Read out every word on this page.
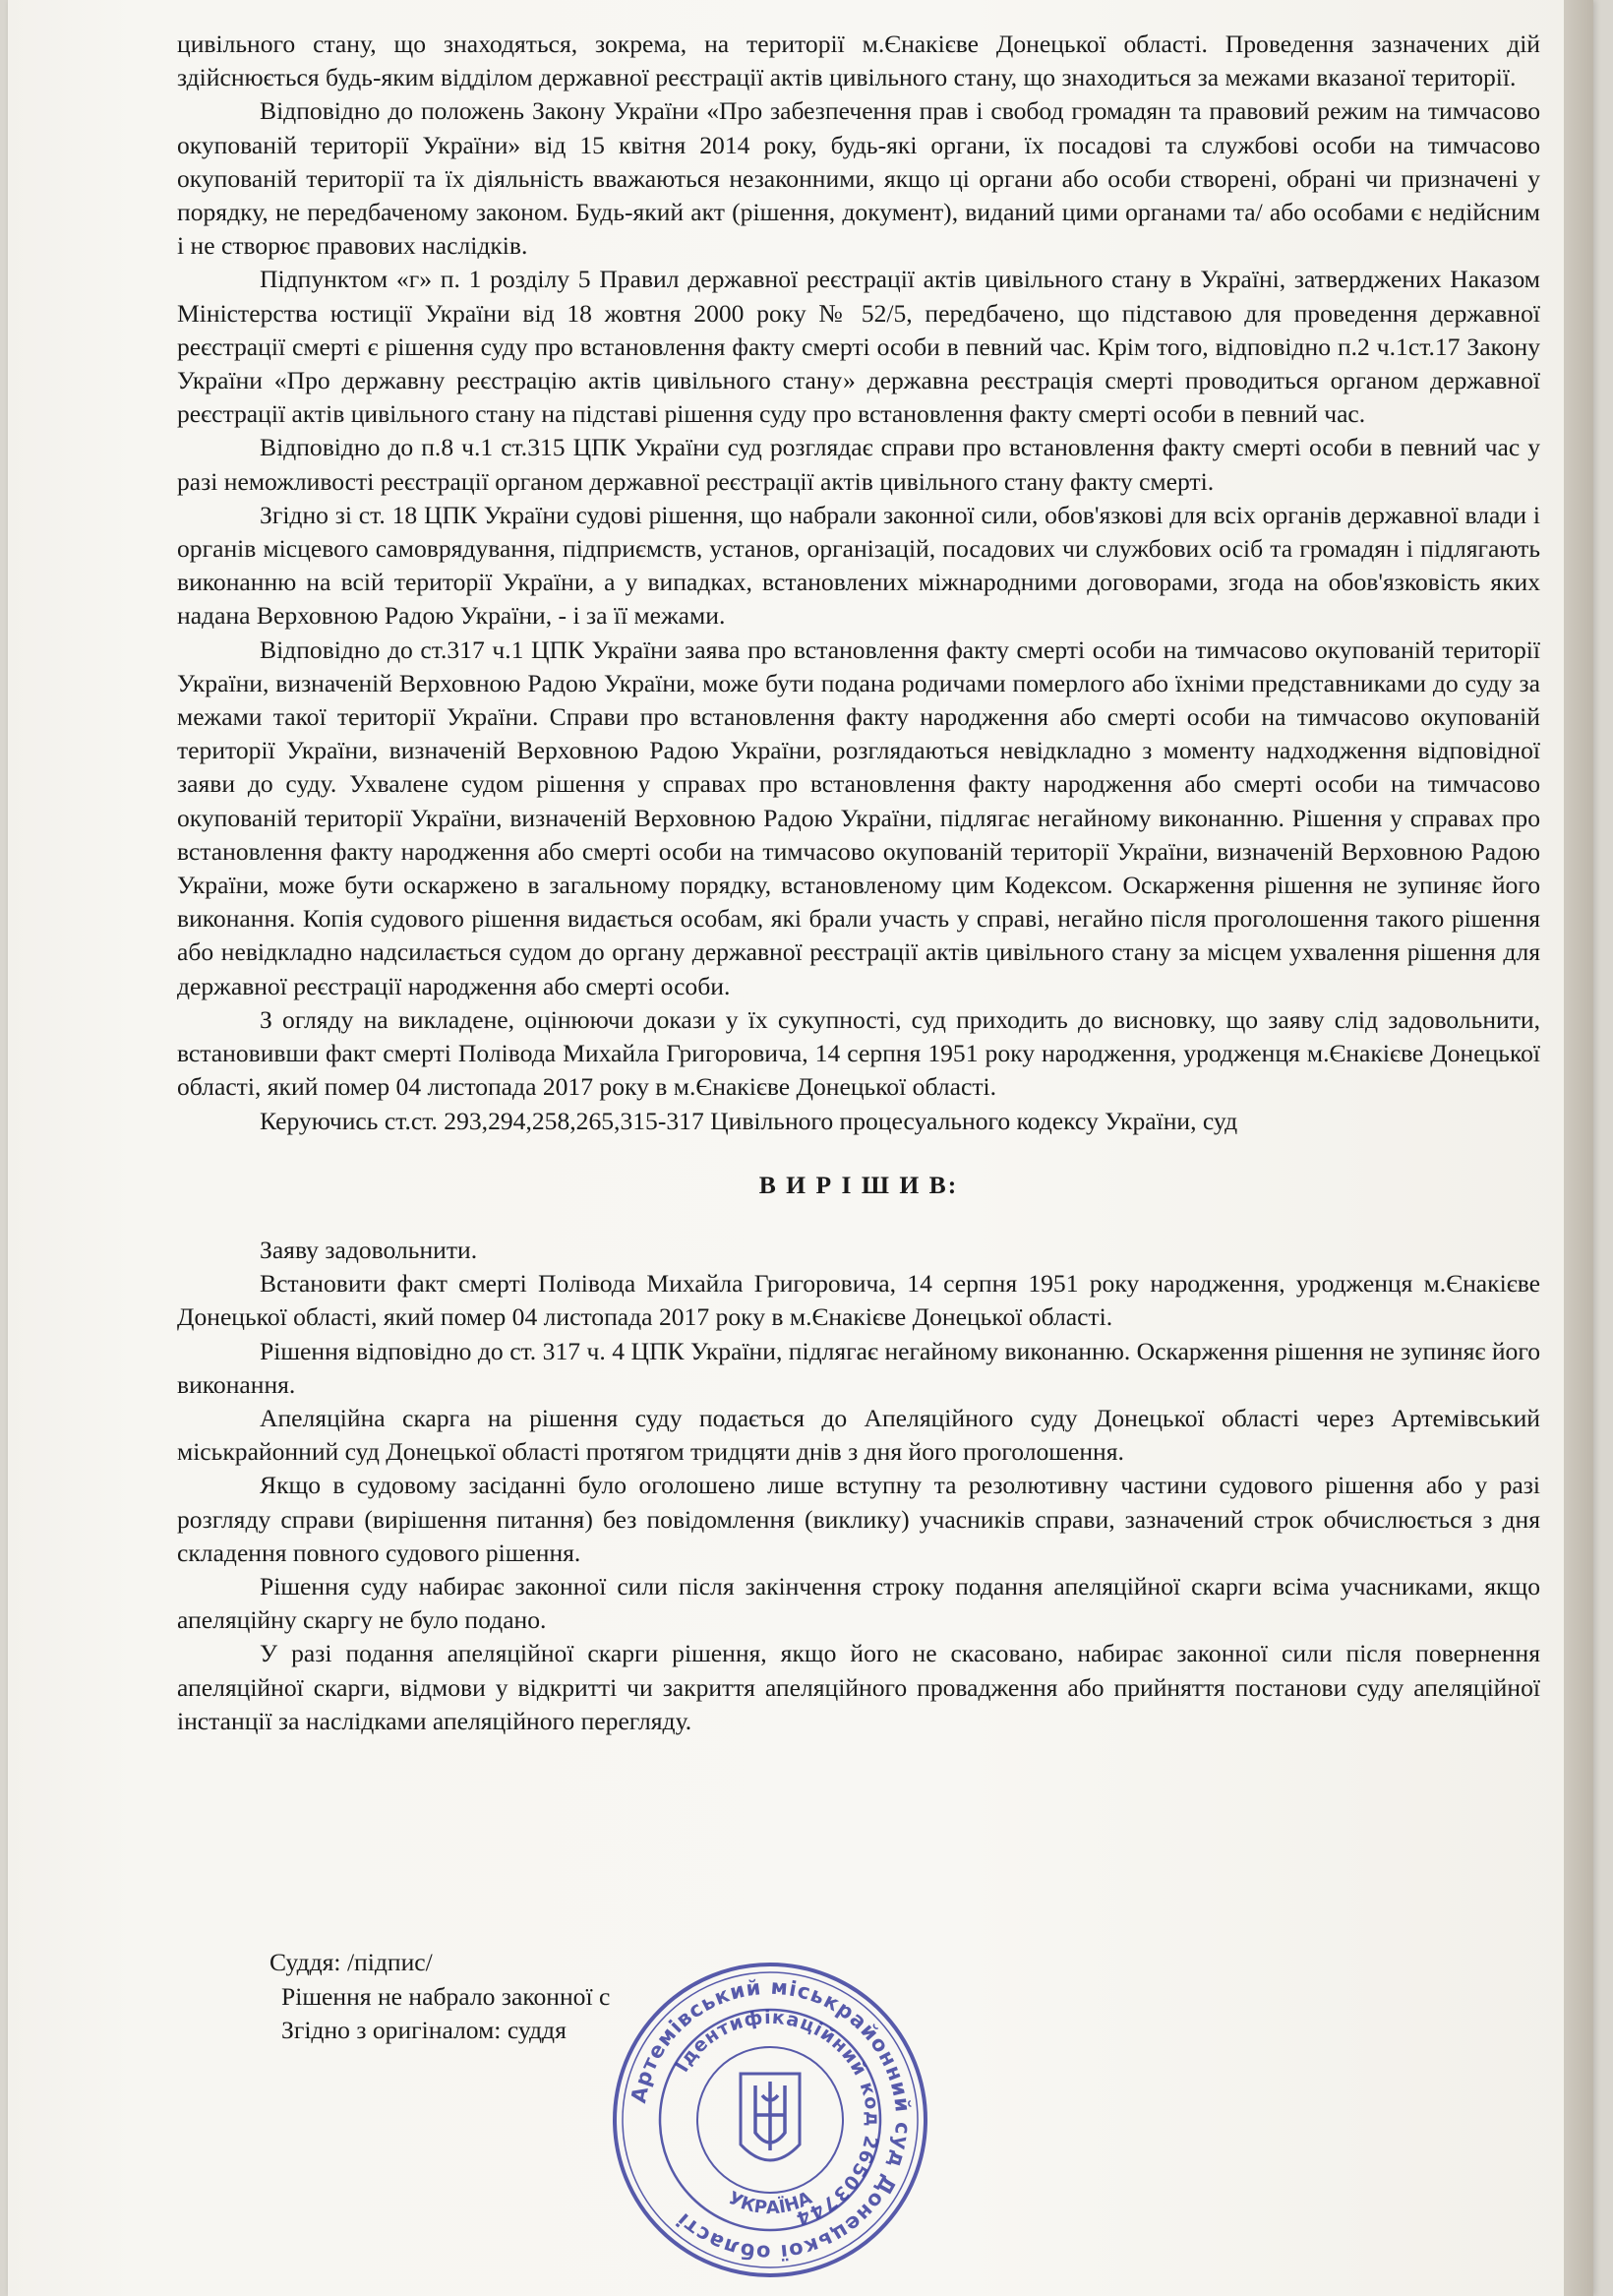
цивільного стану, що знаходяться, зокрема, на території м.Єнакієве Донецької області. Проведення зазначених дій здійснюється будь-яким відділом державної реєстрації актів цивільного стану, що знаходиться за межами вказаної території.

Відповідно до положень Закону України «Про забезпечення прав і свобод громадян та правовий режим на тимчасово окупованій території України» від 15 квітня 2014 року, будь-які органи, їх посадові та службові особи на тимчасово окупованій території та їх діяльність вважаються незаконними, якщо ці органи або особи створені, обрані чи призначені у порядку, не передбаченому законом. Будь-який акт (рішення, документ), виданий цими органами та/ або особами є недійсним і не створює правових наслідків.

Підпунктом «г» п. 1 розділу 5 Правил державної реєстрації актів цивільного стану в Україні, затверджених Наказом Міністерства юстиції України від 18 жовтня 2000 року № 52/5, передбачено, що підставою для проведення державної реєстрації смерті є рішення суду про встановлення факту смерті особи в певний час. Крім того, відповідно п.2 ч.1ст.17 Закону України «Про державну реєстрацію актів цивільного стану» державна реєстрація смерті проводиться органом державної реєстрації актів цивільного стану на підставі рішення суду про встановлення факту смерті особи в певний час.

Відповідно до п.8 ч.1 ст.315 ЦПК України суд розглядає справи про встановлення факту смерті особи в певний час у разі неможливості реєстрації органом державної реєстрації актів цивільного стану факту смерті.

Згідно зі ст. 18 ЦПК України судові рішення, що набрали законної сили, обов'язкові для всіх органів державної влади і органів місцевого самоврядування, підприємств, установ, організацій, посадових чи службових осіб та громадян і підлягають виконанню на всій території України, а у випадках, встановлених міжнародними договорами, згода на обов'язковість яких надана Верховною Радою України, - і за її межами.

Відповідно до ст.317 ч.1 ЦПК України заява про встановлення факту смерті особи на тимчасово окупованій території України, визначеній Верховною Радою України, може бути подана родичами померлого або їхніми представниками до суду за межами такої території України. Справи про встановлення факту народження або смерті особи на тимчасово окупованій території України, визначеній Верховною Радою України, розглядаються невідкладно з моменту надходження відповідної заяви до суду. Ухвалене судом рішення у справах про встановлення факту народження або смерті особи на тимчасово окупованій території України, визначеній Верховною Радою України, підлягає негайному виконанню. Рішення у справах про встановлення факту народження або смерті особи на тимчасово окупованій території України, визначеній Верховною Радою України, може бути оскаржено в загальному порядку, встановленому цим Кодексом. Оскарження рішення не зупиняє його виконання. Копія судового рішення видається особам, які брали участь у справі, негайно після проголошення такого рішення або невідкладно надсилається судом до органу державної реєстрації актів цивільного стану за місцем ухвалення рішення для державної реєстрації народження або смерті особи.

З огляду на викладене, оцінюючи докази у їх сукупності, суд приходить до висновку, що заяву слід задовольнити, встановивши факт смерті Полівода Михайла Григоровича, 14 серпня 1951 року народження, уродженця м.Єнакієве Донецької області, який помер 04 листопада 2017 року в м.Єнакієве Донецької області.

Керуючись ст.ст. 293,294,258,265,315-317 Цивільного процесуального кодексу України, суд

В И Р І Ш И В:

Заяву задовольнити.

Встановити факт смерті Полівода Михайла Григоровича, 14 серпня 1951 року народження, уродженця м.Єнакієве Донецької області, який помер 04 листопада 2017 року в м.Єнакієве Донецької області.

Рішення відповідно до ст. 317 ч. 4 ЦПК України, підлягає негайному виконанню. Оскарження рішення не зупиняє його виконання.

Апеляційна скарга на рішення суду подається до Апеляційного суду Донецької області через Артемівський міськрайонний суд Донецької області протягом тридцяти днів з дня його проголошення.

Якщо в судовому засіданні було оголошено лише вступну та резолютивну частини судового рішення або у разі розгляду справи (вирішення питання) без повідомлення (виклику) учасників справи, зазначений строк обчислюється з дня складення повного судового рішення.

Рішення суду набирає законної сили після закінчення строку подання апеляційної скарги всіма учасниками, якщо апеляційну скаргу не було подано.

У разі подання апеляційної скарги рішення, якщо його не скасовано, набирає законної сили після повернення апеляційної скарги, відмови у відкритті чи закриття апеляційного провадження або прийняття постанови суду апеляційної інстанції за наслідками апеляційного перегляду.

Суддя: /підпис/
Рішення не набрало законної с
Згідно з оригіналом: суддя
Артемівський міськрайонний суд Донецької області
Ідентифікаційний код 26503744
УКРАЇНА
